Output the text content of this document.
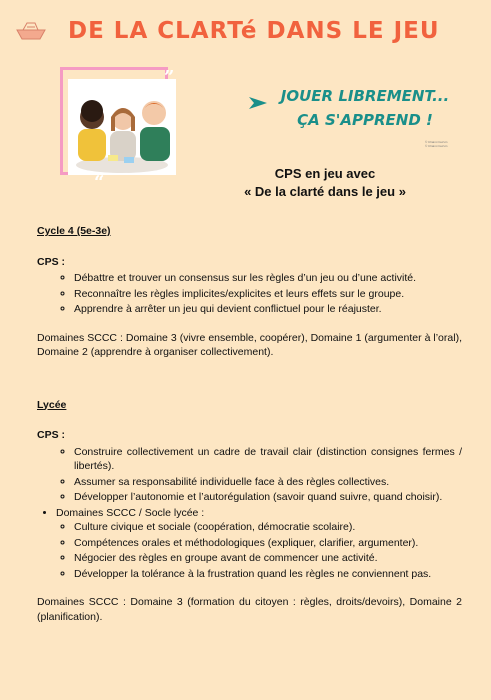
DE LA CLARTé DANS LE JEU
”
“
JOUER LIBREMENT...
ÇA S'APPREND !
© Chaimi Cezvin
© Chaimi Cezvin
CPS en jeu avec
« De la clarté dans le jeu »

Cycle 4 (5e-3e)

CPS :

◦ Débattre et trouver un consensus sur les règles d’un jeu ou d’une activité.
◦ Reconnaître les règles implicites/explicites et leurs effets sur le groupe.
◦ Apprendre à arrêter un jeu qui devient conflictuel pour le réajuster.

Domaines SCCC : Domaine 3 (vivre ensemble, coopérer), Domaine 1 (argumenter à l’oral), Domaine 2 (apprendre à organiser collectivement).

Lycée

CPS :

◦ Construire collectivement un cadre de travail clair (distinction consignes fermes / libertés).
◦ Assumer sa responsabilité individuelle face à des règles collectives.
◦ Développer l’autonomie et l’autorégulation (savoir quand suivre, quand choisir).
• Domaines SCCC / Socle lycée :
◦ Culture civique et sociale (coopération, démocratie scolaire).
◦ Compétences orales et méthodologiques (expliquer, clarifier, argumenter).
◦ Négocier des règles en groupe avant de commencer une activité.
◦ Développer la tolérance à la frustration quand les règles ne conviennent pas.

Domaines SCCC : Domaine 3 (formation du citoyen : règles, droits/devoirs), Domaine 2 (planification).
